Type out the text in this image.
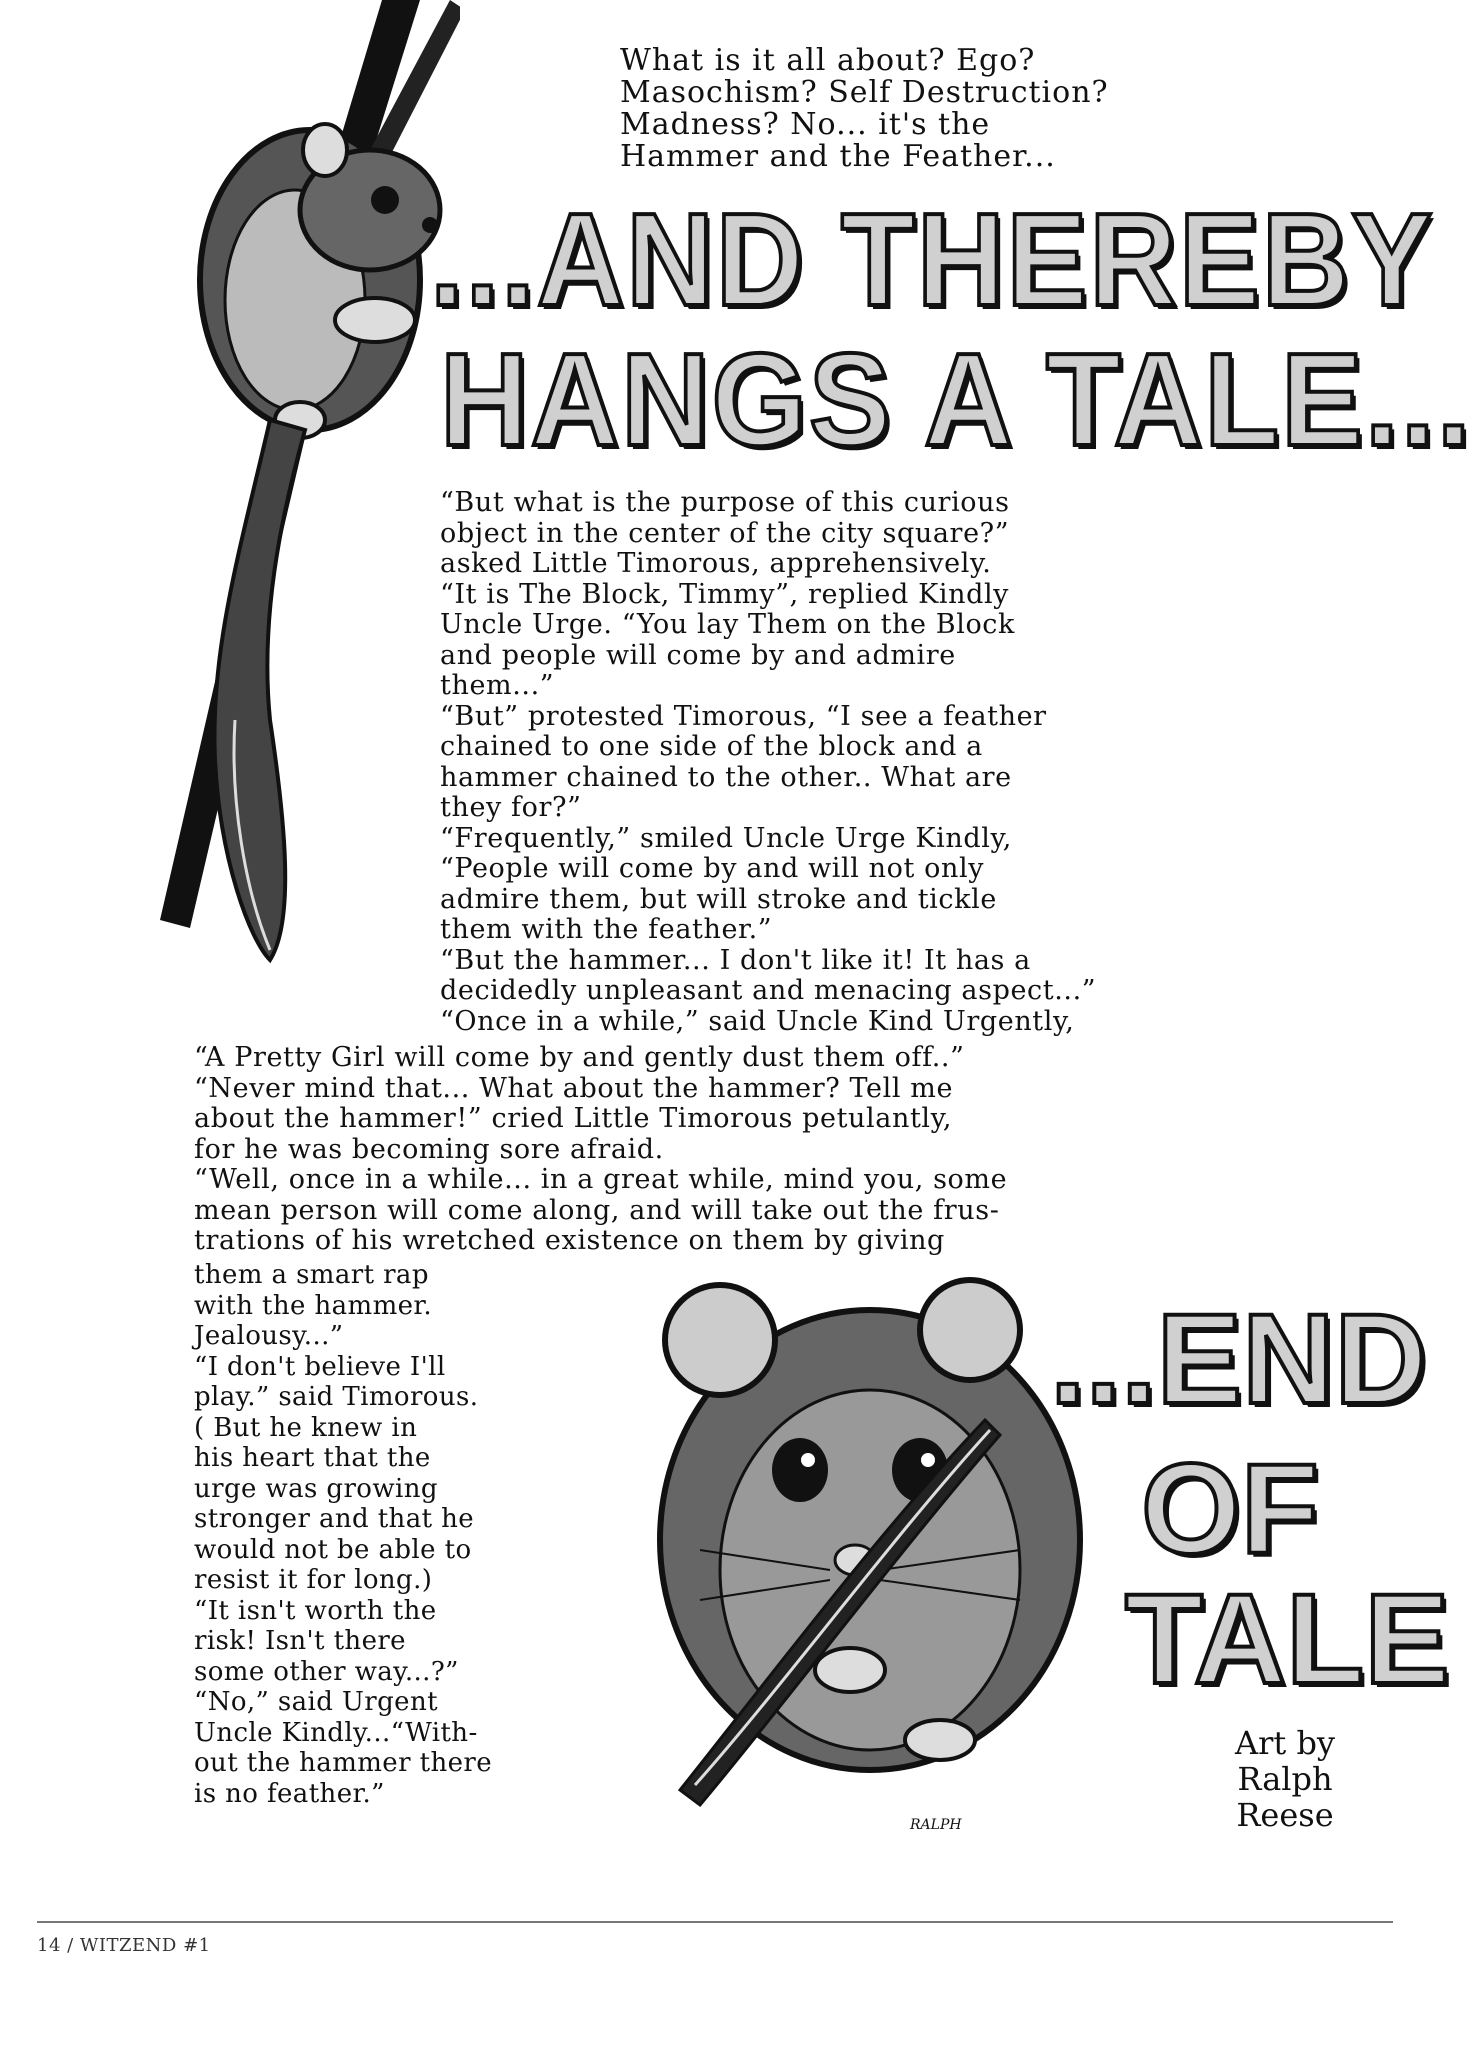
What is it all about? Ego?
Masochism? Self Destruction?
Madness? No... it's the
Hammer and the Feather...
...AND THEREBY
HANGS A TALE...
“But what is the purpose of this curious
object in the center of the city square?”
asked Little Timorous, apprehensively.
“It is The Block, Timmy”, replied Kindly
Uncle Urge. “You lay Them on the Block
and people will come by and admire
them...”
“But” protested Timorous, “I see a feather
chained to one side of the block and a
hammer chained to the other.. What are
they for?”
“Frequently,” smiled Uncle Urge Kindly,
“People will come by and will not only
admire them, but will stroke and tickle
them with the feather.”
“But the hammer... I don't like it! It has a
decidedly unpleasant and menacing aspect...”
“Once in a while,” said Uncle Kind Urgently,
“A Pretty Girl will come by and gently dust them off..”
“Never mind that... What about the hammer? Tell me
about the hammer!” cried Little Timorous petulantly,
for he was becoming sore afraid.
“Well, once in a while... in a great while, mind you, some
mean person will come along, and will take out the frus-
trations of his wretched existence on them by giving
them a smart rap
with the hammer.
Jealousy...”
“I don't believe I'll
play.” said Timorous.
( But he knew in
his heart that the
urge was growing
stronger and that he
would not be able to
resist it for long.)
“It isn't worth the
risk! Isn't there
some other way...?”
“No,” said Urgent
Uncle Kindly...“With-
out the hammer there
is no feather.”
...END
OF
TALE
Art by
Ralph
Reese
RALPH
14 / WITZEND #1
